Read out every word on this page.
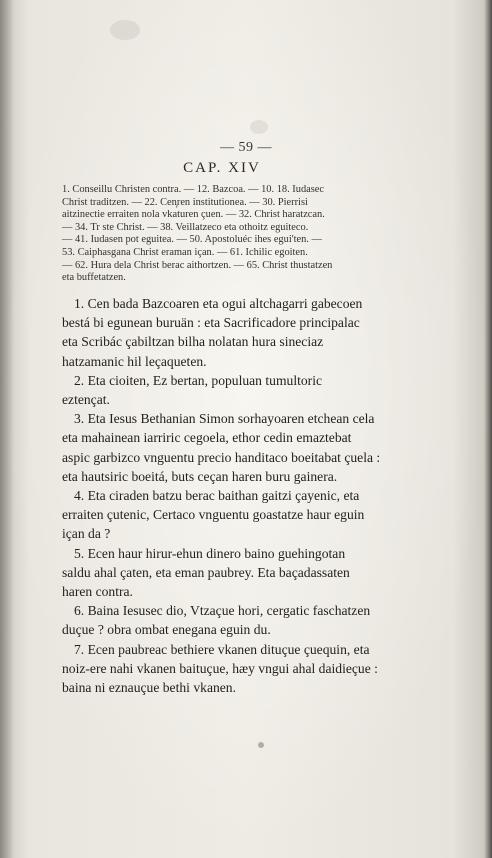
— 59 —
CAP. XIV
1. Conseillu Christen contra. — 12. Bazcoa. — 10. 18. Iudasec
Christ traditzen. — 22. Cen᷊ren institutionea. — 30. Pierrisi
aitzinectie erraiten nola vkaturen çuen. — 32. Christ haratzcan.
— 34. Tr ste Christ. — 38. Veillatzeco eta othoitz eguiteco.
— 41. Iudasen pot eguitea. — 50. Apostoluéc ihes egui'ten. —
53. Caiphasgana Christ eraman içan. — 61. Ichilic egoiten.
— 62. Hura dela Christ berac aithortzen. — 65. Christ thustatzen
eta buffetatzen.
1. Cen bada Bazcoaren eta ogui altchagarri gabecoen
bestá bi egunean buruän : eta Sacrificadore principalac
eta Scribác çabiltzan bilha nolatan hura sineciaz
hatzamanic hil leçaqueten.
2. Eta cioiten, Ez bertan, populuan tumultoric
eztençat.
3. Eta Iesus Bethanian Simon sorhayoaren etchean cela
eta mahainean iarriric cegoela, ethor cedin emaztebat
aspic garbizco vnguentu precio handitaco boeitabat çuela :
eta hautsiric boeitá, buts ceçan haren buru gainera.
4. Eta ciraden batzu berac baithan gaitzi çayenic, eta
erraiten çutenic, Certaco vnguentu goastatze haur eguin
içan da ?
5. Ecen haur hirur-ehun dinero baino guehingotan
saldu ahal çaten, eta eman paubrey. Eta baçadassaten
haren contra.
6. Baina Iesusec dio, Vtzaçue hori, cergatic faschatzen
duçue ? obra ombat enegana eguin du.
7. Ecen paubreac bethiere vkanen dituçue çuequin, eta
noiz-ere nahi vkanen baituçue, hæy vngui ahal daidieçue :
baina ni eznauçue bethi vkanen.
